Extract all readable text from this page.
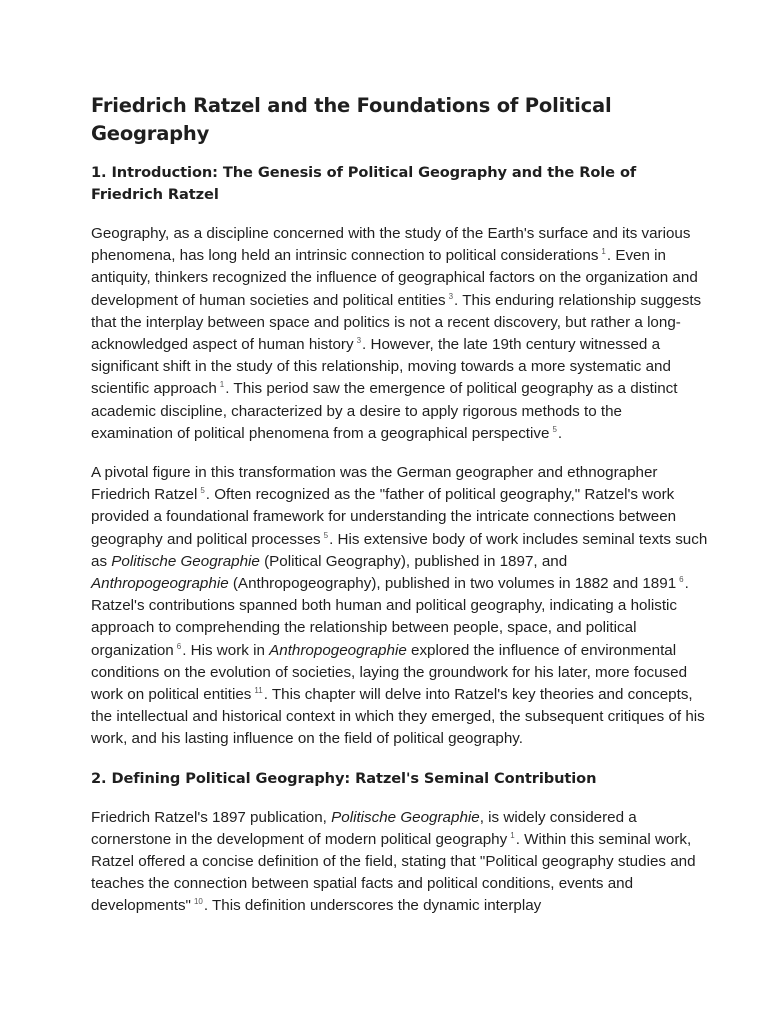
Friedrich Ratzel and the Foundations of Political Geography
1. Introduction: The Genesis of Political Geography and the Role of Friedrich Ratzel

Geography, as a discipline concerned with the study of the Earth's surface and its various phenomena, has long held an intrinsic connection to political considerations $^1$. Even in antiquity, thinkers recognized the influence of geographical factors on the organization and development of human societies and political entities $^3$. This enduring relationship suggests that the interplay between space and politics is not a recent discovery, but rather a long-acknowledged aspect of human history $^3$. However, the late 19th century witnessed a significant shift in the study of this relationship, moving towards a more systematic and scientific approach $^1$. This period saw the emergence of political geography as a distinct academic discipline, characterized by a desire to apply rigorous methods to the examination of political phenomena from a geographical perspective $^5$.

A pivotal figure in this transformation was the German geographer and ethnographer Friedrich Ratzel $^5$. Often recognized as the "father of political geography," Ratzel's work provided a foundational framework for understanding the intricate connections between geography and political processes $^5$. His extensive body of work includes seminal texts such as Politische Geographie (Political Geography), published in 1897, and Anthropogeographie (Anthropogeography), published in two volumes in 1882 and 1891 $^6$. Ratzel's contributions spanned both human and political geography, indicating a holistic approach to comprehending the relationship between people, space, and political organization $^6$. His work in Anthropogeographie explored the influence of environmental conditions on the evolution of societies, laying the groundwork for his later, more focused work on political entities $^{11}$. This chapter will delve into Ratzel's key theories and concepts, the intellectual and historical context in which they emerged, the subsequent critiques of his work, and his lasting influence on the field of political geography.

2. Defining Political Geography: Ratzel's Seminal Contribution

Friedrich Ratzel's 1897 publication, Politische Geographie, is widely considered a cornerstone in the development of modern political geography $^1$. Within this seminal work, Ratzel offered a concise definition of the field, stating that "Political geography studies and teaches the connection between spatial facts and political conditions, events and developments" $^{10}$. This definition underscores the dynamic interplay
